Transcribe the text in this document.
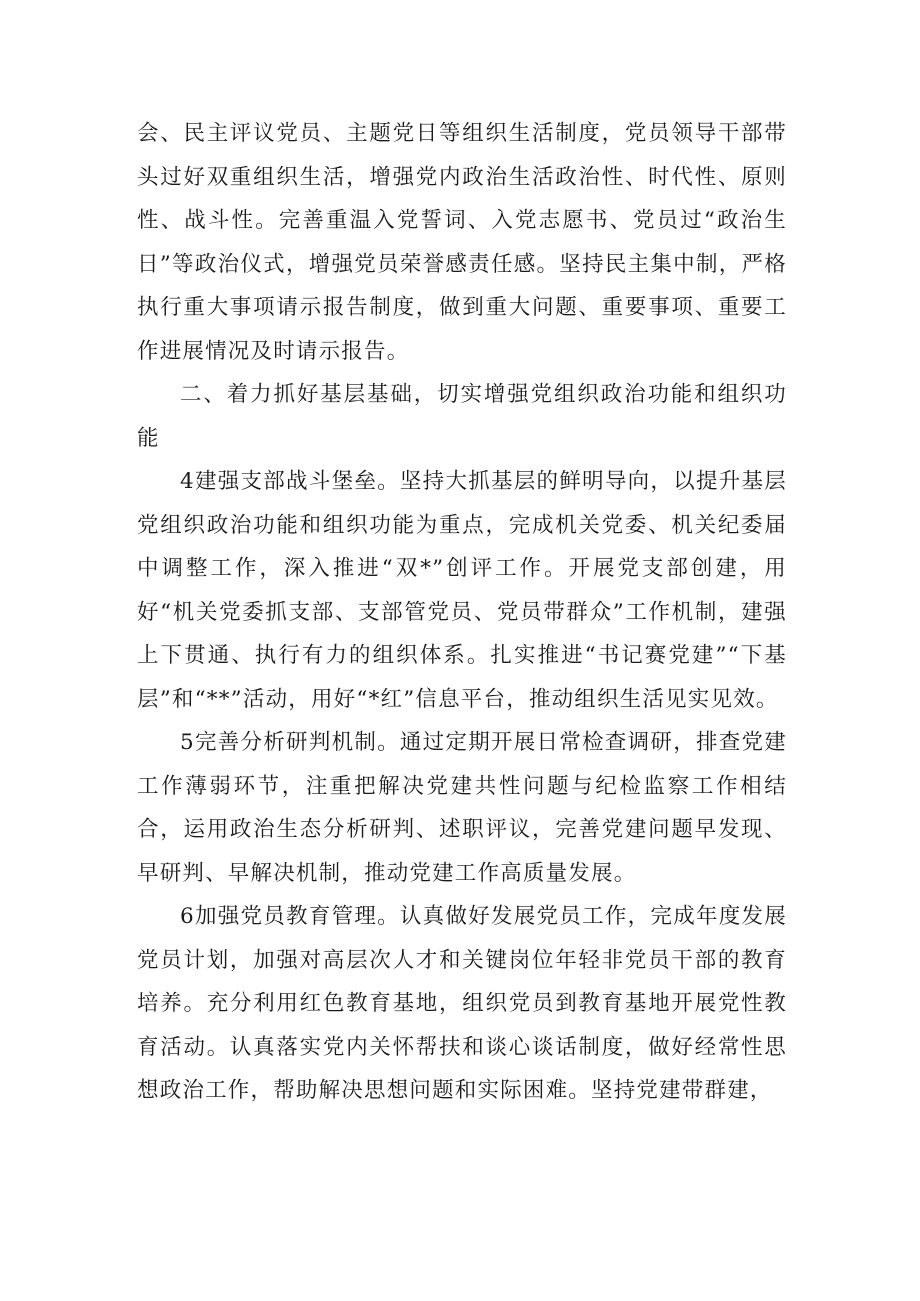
会、民主评议党员、主题党日等组织生活制度，党员领导干部带头过好双重组织生活，增强党内政治生活政治性、时代性、原则性、战斗性。完善重温入党誓词、入党志愿书、党员过“政治生日”等政治仪式，增强党员荣誉感责任感。坚持民主集中制，严格执行重大事项请示报告制度，做到重大问题、重要事项、重要工作进展情况及时请示报告。

二、着力抓好基层基础，切实增强党组织政治功能和组织功能

4建强支部战斗堡垒。坚持大抓基层的鲜明导向，以提升基层党组织政治功能和组织功能为重点，完成机关党委、机关纪委届中调整工作，深入推进“双*”创评工作。开展党支部创建，用好“机关党委抓支部、支部管党员、党员带群众”工作机制，建强上下贯通、执行有力的组织体系。扎实推进“书记赛党建”“下基层”和“**”活动，用好“*红”信息平台，推动组织生活见实见效。

5完善分析研判机制。通过定期开展日常检查调研，排查党建工作薄弱环节，注重把解决党建共性问题与纪检监察工作相结合，运用政治生态分析研判、述职评议，完善党建问题早发现、早研判、早解决机制，推动党建工作高质量发展。

6加强党员教育管理。认真做好发展党员工作，完成年度发展党员计划，加强对高层次人才和关键岗位年轻非党员干部的教育培养。充分利用红色教育基地，组织党员到教育基地开展党性教育活动。认真落实党内关怀帮扶和谈心谈话制度，做好经常性思想政治工作，帮助解决思想问题和实际困难。坚持党建带群建，
